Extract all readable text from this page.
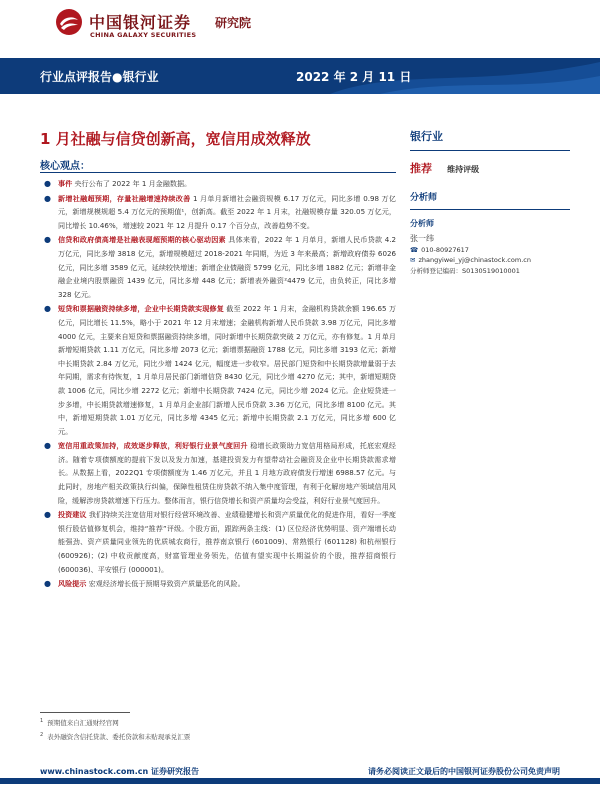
中国银河证券
CHINA GALAXY SECURITIES
研究院
行业点评报告●银行业	2022 年 2 月 11 日
1 月社融与信贷创新高，宽信用成效释放
核心观点：
● 事件 央行公布了 2022 年 1 月金融数据。
● 新增社融超预期，存量社融增速持续改善 1 月单月新增社会融资规模 6.17 万亿元，同比多增 0.98 万亿元，新增规模规超 5.4 万亿元的预期值¹，创新高。截至 2022 年 1 月末，社融规模存量 320.05 万亿元，同比增长 10.46%，增速较 2021 年 12 月提升 0.17 个百分点，改善趋势不变。
● 信贷和政府债高增是社融表现超预期的核心驱动因素 具体来看，2022 年 1 月单月，新增人民币贷款 4.2 万亿元，同比多增 3818 亿元，新增规模超过 2018-2021 年同期，为近 3 年来最高；新增政府债券 6026 亿元，同比多增 3589 亿元，延续较快增速；新增企业债融资 5799 亿元，同比多增 1882 亿元；新增非金融企业境内股票融资 1439 亿元，同比多增 448 亿元；新增表外融资²4479 亿元，由负转正，同比多增 328 亿元。
● 短贷和票据融资持续多增，企业中长期贷款实现修复 截至 2022 年 1 月末，金融机构贷款余额 196.65 万亿元，同比增长 11.5%，略小于 2021 年 12 月末增速；金融机构新增人民币贷款 3.98 万亿元，同比多增 4000 亿元，主要来自短贷和票据融资持续多增，同时新增中长期贷款突破 2 万亿元，亦有修复。1 月单月新增短期贷款 1.11 万亿元，同比多增 2073 亿元；新增票据融资 1788 亿元，同比多增 3193 亿元；新增中长期贷款 2.84 万亿元，同比少增 1424 亿元，幅度进一步收窄。居民部门短贷和中长期贷款增量弱于去年同期，需求有待恢复，1 月单月居民部门新增信贷 8430 亿元，同比少增 4270 亿元；其中，新增短期贷款 1006 亿元，同比少增 2272 亿元；新增中长期贷款 7424 亿元，同比少增 2024 亿元。企业短贷进一步多增，中长期贷款增速修复，1 月单月企业部门新增人民币贷款 3.36 万亿元，同比多增 8100 亿元。其中，新增短期贷款 1.01 万亿元，同比多增 4345 亿元；新增中长期贷款 2.1 万亿元，同比多增 600 亿元。
● 宽信用重政策加持，成效逐步释放，利好银行业景气度回升 稳增长政策助力宽信用格局形成，托底宏观经济。随着专项债额度的提前下发以及发力加速，基建投资发力有望带动社会融资及企业中长期贷款需求增长。从数据上看，2022Q1 专项债额度为 1.46 万亿元，并且 1 月地方政府债发行增速 6988.57 亿元。与此同时，房地产相关政策执行纠偏，保障性租赁住房贷款不纳入集中度管理，有利于化解房地产领域信用风险，缓解涉房贷款增速下行压力。整体而言，银行信贷增长和资产质量均会受益，利好行业景气度回升。
● 投资建议 我们持续关注宽信用对银行经营环境改善、业绩稳健增长和资产质量优化的促进作用，看好一季度银行股估值修复机会，维持“推荐”评级。个股方面，跟踪两条主线：(1) 区位经济优势明显、资产端增长动能强劲、资产质量同业领先的优质城农商行，推荐南京银行 (601009)、常熟银行 (601128) 和杭州银行 (600926)；(2) 中收贡献度高，财富管理业务领先，估值有望实现中长期溢价的个股，推荐招商银行 (600036)、平安银行 (000001)。
● 风险提示 宏观经济增长低于预期导致资产质量恶化的风险。
银行业
推荐 维持评级
分析师
分析师
张一纬
☎ 010-80927617
✉ zhangyiwei_yj@chinastock.com.cn
分析师登记编码：S0130519010001
$^1$ 预期值来自汇通财经官网
$^2$ 表外融资含信托贷款、委托贷款和未贴现承兑汇票
www.chinastock.com.cn 证券研究报告	请务必阅读正文最后的中国银河证券股份公司免责声明
